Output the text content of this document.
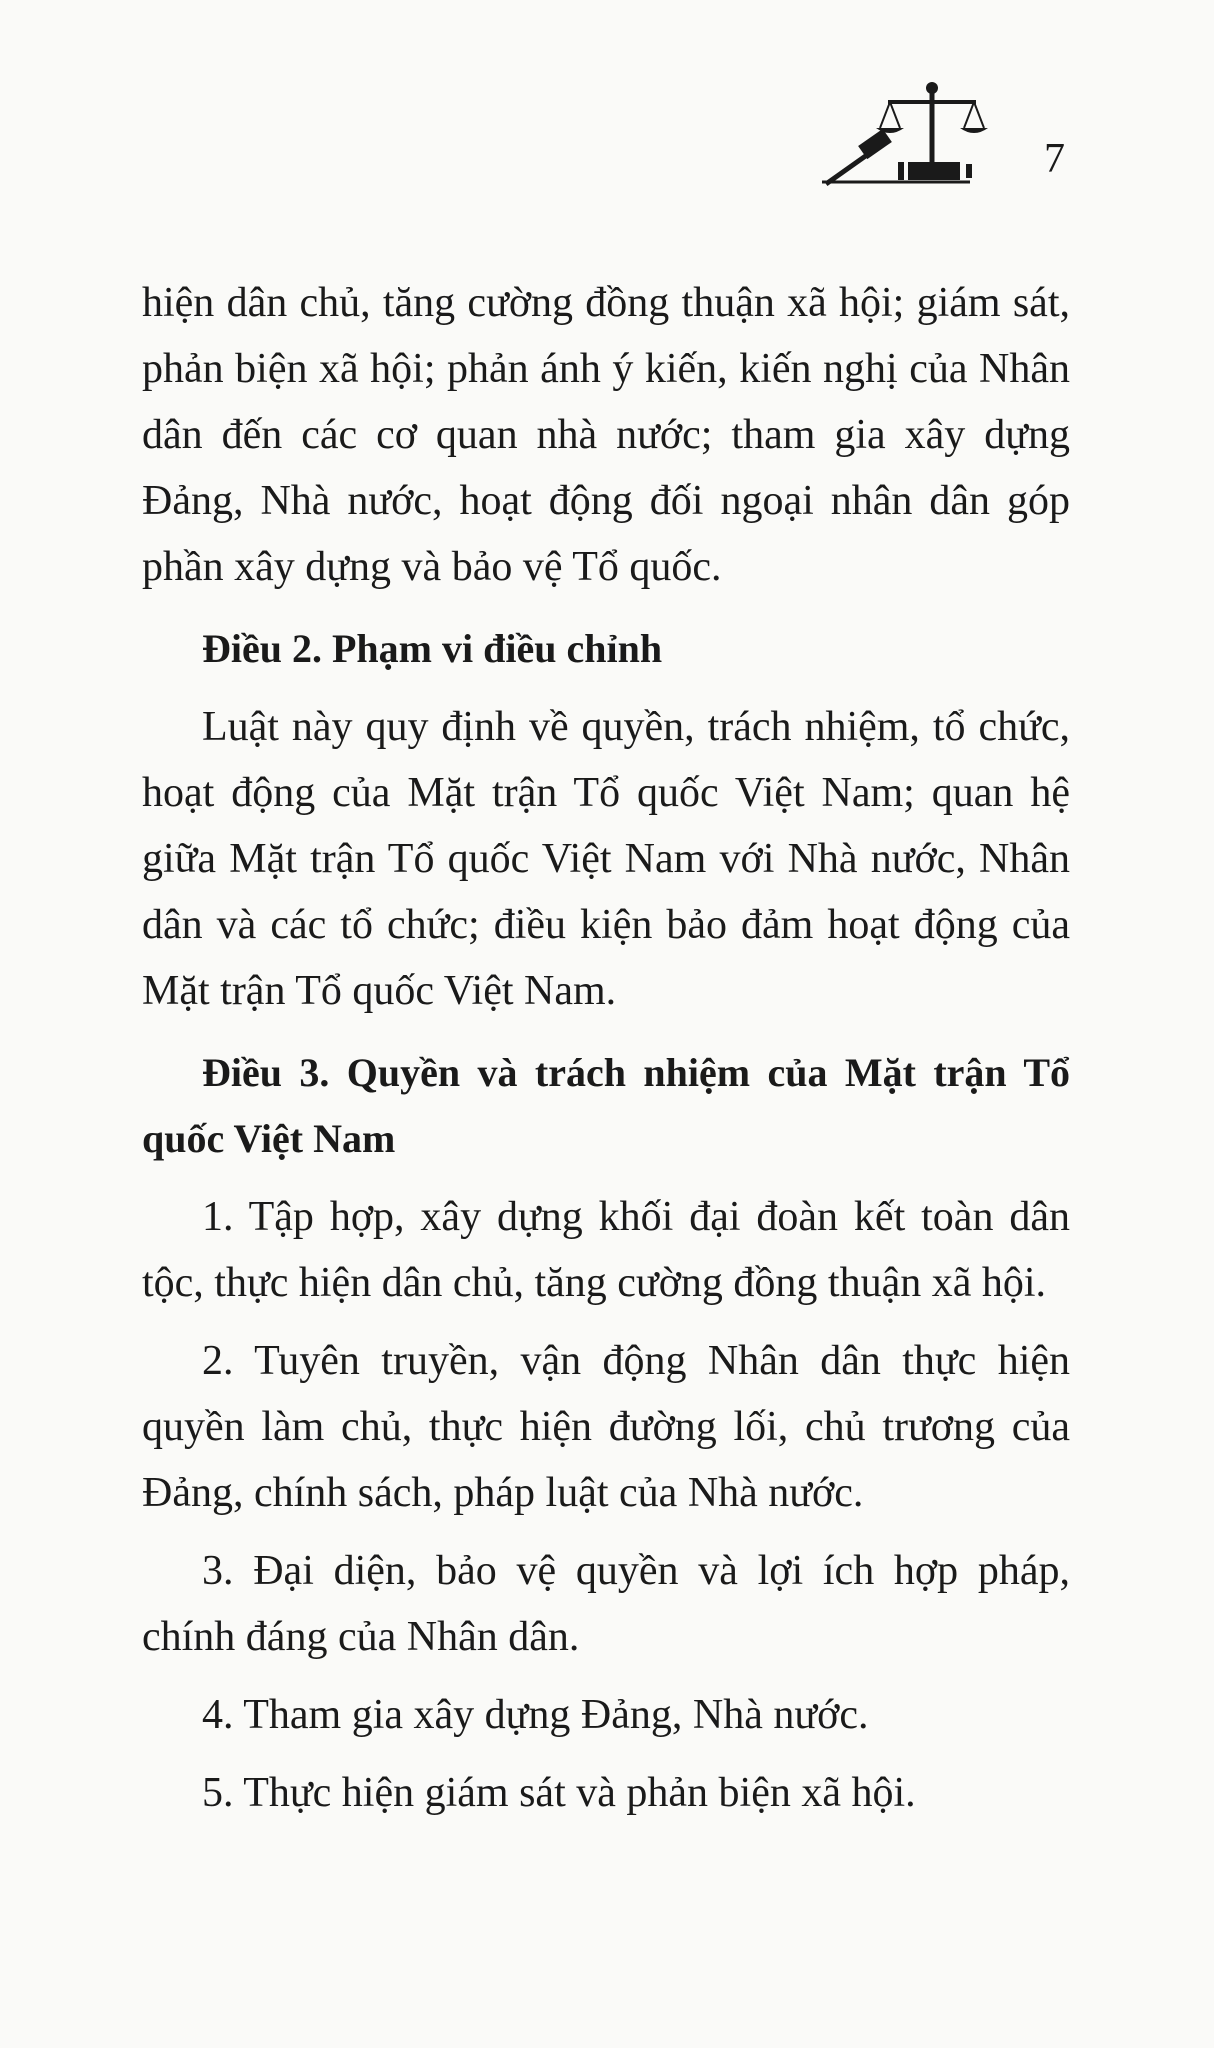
7

hiện dân chủ, tăng cường đồng thuận xã hội; giám sát, phản biện xã hội; phản ánh ý kiến, kiến nghị của Nhân dân đến các cơ quan nhà nước; tham gia xây dựng Đảng, Nhà nước, hoạt động đối ngoại nhân dân góp phần xây dựng và bảo vệ Tổ quốc.

Điều 2. Phạm vi điều chỉnh

Luật này quy định về quyền, trách nhiệm, tổ chức, hoạt động của Mặt trận Tổ quốc Việt Nam; quan hệ giữa Mặt trận Tổ quốc Việt Nam với Nhà nước, Nhân dân và các tổ chức; điều kiện bảo đảm hoạt động của Mặt trận Tổ quốc Việt Nam.

Điều 3. Quyền và trách nhiệm của Mặt trận Tổ quốc Việt Nam

1. Tập hợp, xây dựng khối đại đoàn kết toàn dân tộc, thực hiện dân chủ, tăng cường đồng thuận xã hội.

2. Tuyên truyền, vận động Nhân dân thực hiện quyền làm chủ, thực hiện đường lối, chủ trương của Đảng, chính sách, pháp luật của Nhà nước.

3. Đại diện, bảo vệ quyền và lợi ích hợp pháp, chính đáng của Nhân dân.

4. Tham gia xây dựng Đảng, Nhà nước.

5. Thực hiện giám sát và phản biện xã hội.
